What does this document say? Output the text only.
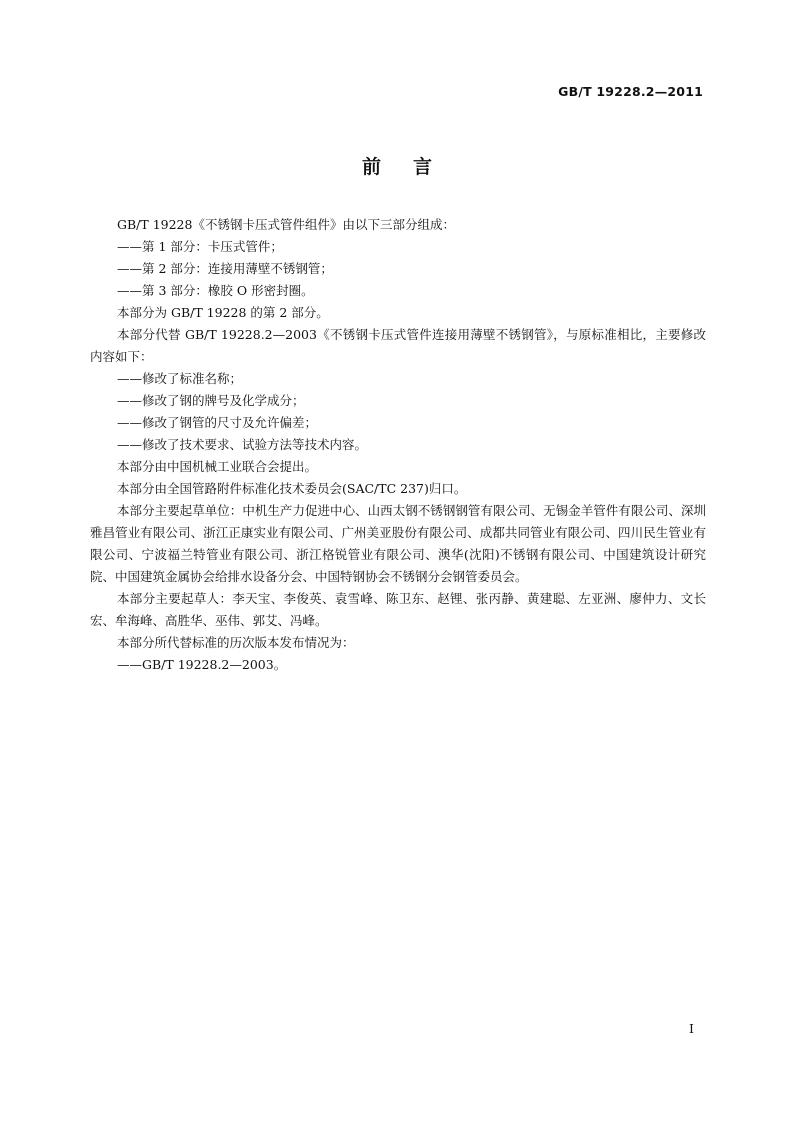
GB/T 19228.2—2011
前言

GB/T 19228《不锈钢卡压式管件组件》由以下三部分组成：

——第 1 部分：卡压式管件；

——第 2 部分：连接用薄壁不锈钢管；

——第 3 部分：橡胶 O 形密封圈。

本部分为 GB/T 19228 的第 2 部分。

本部分代替 GB/T 19228.2—2003《不锈钢卡压式管件连接用薄壁不锈钢管》，与原标准相比，主要修改内容如下：

——修改了标准名称；

——修改了钢的牌号及化学成分；

——修改了钢管的尺寸及允许偏差；

——修改了技术要求、试验方法等技术内容。

本部分由中国机械工业联合会提出。

本部分由全国管路附件标准化技术委员会(SAC/TC 237)归口。

本部分主要起草单位：中机生产力促进中心、山西太钢不锈钢钢管有限公司、无锡金羊管件有限公司、深圳雅昌管业有限公司、浙江正康实业有限公司、广州美亚股份有限公司、成都共同管业有限公司、四川民生管业有限公司、宁波福兰特管业有限公司、浙江格锐管业有限公司、澳华(沈阳)不锈钢有限公司、中国建筑设计研究院、中国建筑金属协会给排水设备分会、中国特钢协会不锈钢分会钢管委员会。

本部分主要起草人：李天宝、李俊英、袁雪峰、陈卫东、赵锂、张丙静、黄建聪、左亚洲、廖仲力、文长宏、牟海峰、高胜华、巫伟、郭艾、冯峰。

本部分所代替标准的历次版本发布情况为：

——GB/T 19228.2—2003。

I
